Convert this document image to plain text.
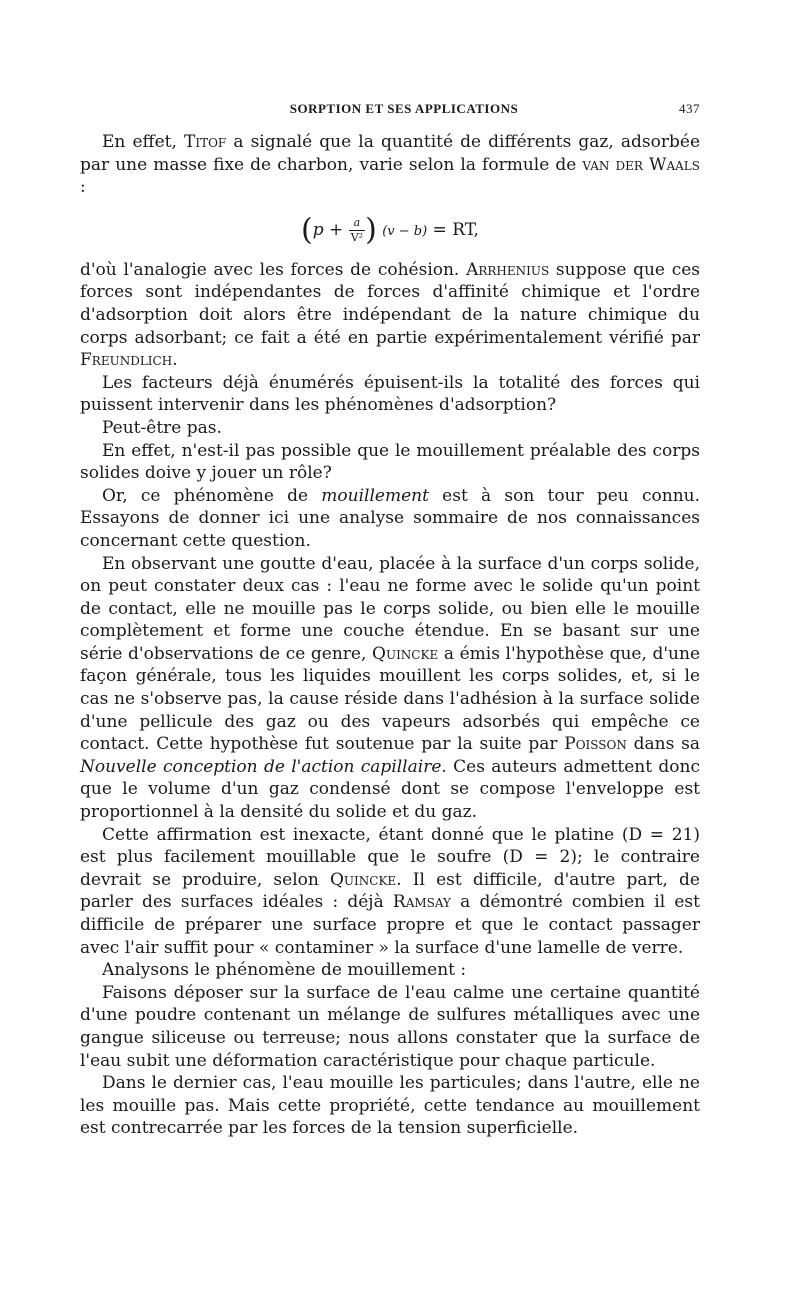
SORPTION ET SES APPLICATIONS	437

En effet, Titof a signalé que la quantité de différents gaz, adsorbée par une masse fixe de charbon, varie selon la formule de van der Waals :

($p + \frac{a}{\text{V²}}$ ) (v − b) = RT,

d'où l'analogie avec les forces de cohésion. Arrhenius suppose que ces forces sont indépendantes de forces d'affinité chimique et l'ordre d'adsorption doit alors être indépendant de la nature chimique du corps adsorbant; ce fait a été en partie expérimentalement vérifié par Freundlich.

Les facteurs déjà énumérés épuisent-ils la totalité des forces qui puissent intervenir dans les phénomènes d'adsorption?

Peut-être pas.

En effet, n'est-il pas possible que le mouillement préalable des corps solides doive y jouer un rôle?

Or, ce phénomène de mouillement est à son tour peu connu. Essayons de donner ici une analyse sommaire de nos connaissances concernant cette question.

En observant une goutte d'eau, placée à la surface d'un corps solide, on peut constater deux cas : l'eau ne forme avec le solide qu'un point de contact, elle ne mouille pas le corps solide, ou bien elle le mouille complètement et forme une couche étendue. En se basant sur une série d'observations de ce genre, Quincke a émis l'hypothèse que, d'une façon générale, tous les liquides mouillent les corps solides, et, si le cas ne s'observe pas, la cause réside dans l'adhésion à la surface solide d'une pellicule des gaz ou des vapeurs adsorbés qui empêche ce contact. Cette hypothèse fut soutenue par la suite par Poisson dans sa Nouvelle conception de l'action capillaire. Ces auteurs admettent donc que le volume d'un gaz condensé dont se compose l'enveloppe est proportionnel à la densité du solide et du gaz.

Cette affirmation est inexacte, étant donné que le platine (D = 21) est plus facilement mouillable que le soufre (D = 2); le contraire devrait se produire, selon Quincke. Il est difficile, d'autre part, de parler des surfaces idéales : déjà Ramsay a démontré combien il est difficile de préparer une surface propre et que le contact passager avec l'air suffit pour « contaminer » la surface d'une lamelle de verre.

Analysons le phénomène de mouillement :

Faisons déposer sur la surface de l'eau calme une certaine quantité d'une poudre contenant un mélange de sulfures métalliques avec une gangue siliceuse ou terreuse; nous allons constater que la surface de l'eau subit une déformation caractéristique pour chaque particule.

Dans le dernier cas, l'eau mouille les particules; dans l'autre, elle ne les mouille pas. Mais cette propriété, cette tendance au mouillement est contrecarrée par les forces de la tension superficielle.
